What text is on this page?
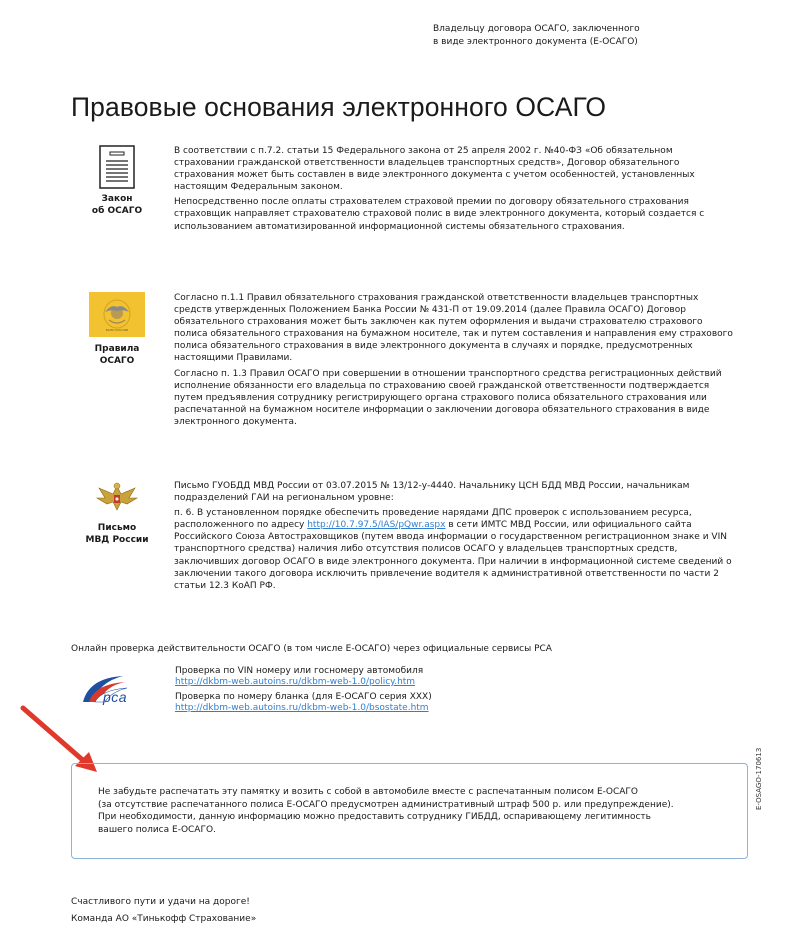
Владельцу договора ОСАГО, заключенного
в виде электронного документа (Е-ОСАГО)
Правовые основания электронного ОСАГО
Закон
об ОСАГО

В соответствии с п.7.2. статьи 15 Федерального закона от 25 апреля 2002 г. №40-ФЗ «Об обязательном страховании гражданской ответственности владельцев транспортных средств», Договор обязательного страхования может быть составлен в виде электронного документа с учетом особенностей, установленных настоящим Федеральным законом.

Непосредственно после оплаты страхователем страховой премии по договору обязательного страхования страховщик направляет страхователю страховой полис в виде электронного документа, который создается с использованием автоматизированной информационной системы обязательного страхования.

БАНК РОССИИ
Правила
ОСАГО

Согласно п.1.1 Правил обязательного страхования гражданской ответственности владельцев транспортных средств утвержденных Положением Банка России № 431-П от 19.09.2014 (далее Правила ОСАГО) Договор обязательного страхования может быть заключен как путем оформления и выдачи страхователю страхового полиса обязательного страхования на бумажном носителе, так и путем составления и направления ему страхового полиса обязательного страхования в виде электронного документа в случаях и порядке, предусмотренных настоящими Правилами.

Согласно п. 1.3 Правил ОСАГО при совершении в отношении транспортного средства регистрационных действий исполнение обязанности его владельца по страхованию своей гражданской ответственности подтверждается путем предъявления сотруднику регистрирующего органа страхового полиса обязательного страхования или распечатанной на бумажном носителе информации о заключении договора обязательного страхования в виде электронного документа.

Письмо
МВД России

Письмо ГУОБДД МВД России от 03.07.2015 № 13/12-у-4440. Начальнику ЦСН БДД МВД России, начальникам подразделений ГАИ на региональном уровне:

п. 6. В установленном порядке обеспечить проведение нарядами ДПС проверок с использованием ресурса, расположенного по адресу http://10.7.97.5/IAS/pQwr.aspx в сети ИМТС МВД России, или официального сайта Российского Союза Автостраховщиков (путем ввода информации о государственном регистрационном знаке и VIN транспортного средства) наличия либо отсутствия полисов ОСАГО у владельцев транспортных средств, заключивших договор ОСАГО в виде электронного документа. При наличии в информационной системе сведений о заключении такого договора исключить привлечение водителя к административной ответственности по части 2 статьи 12.3 КоАП РФ.

Онлайн проверка действительности ОСАГО (в том числе Е-ОСАГО) через официальные сервисы РСА
рса
Проверка по VIN номеру или госномеру автомобиля
http://dkbm-web.autoins.ru/dkbm-web-1.0/policy.htm
Проверка по номеру бланка (для Е-ОСАГО серия ХХХ)
http://dkbm-web.autoins.ru/dkbm-web-1.0/bsostate.htm
Не забудьте распечатать эту памятку и возить с собой в автомобиле вместе с распечатанным полисом Е-ОСАГО
(за отсутствие распечатанного полиса Е-ОСАГО предусмотрен административный штраф 500 р. или предупреждение).
При необходимости, данную информацию можно предоставить сотруднику ГИБДД, оспаривающему легитимность
вашего полиса Е-ОСАГО.
E-OSAGO-170613
Счастливого пути и удачи на дороге!
Команда АО «Тинькофф Страхование»
